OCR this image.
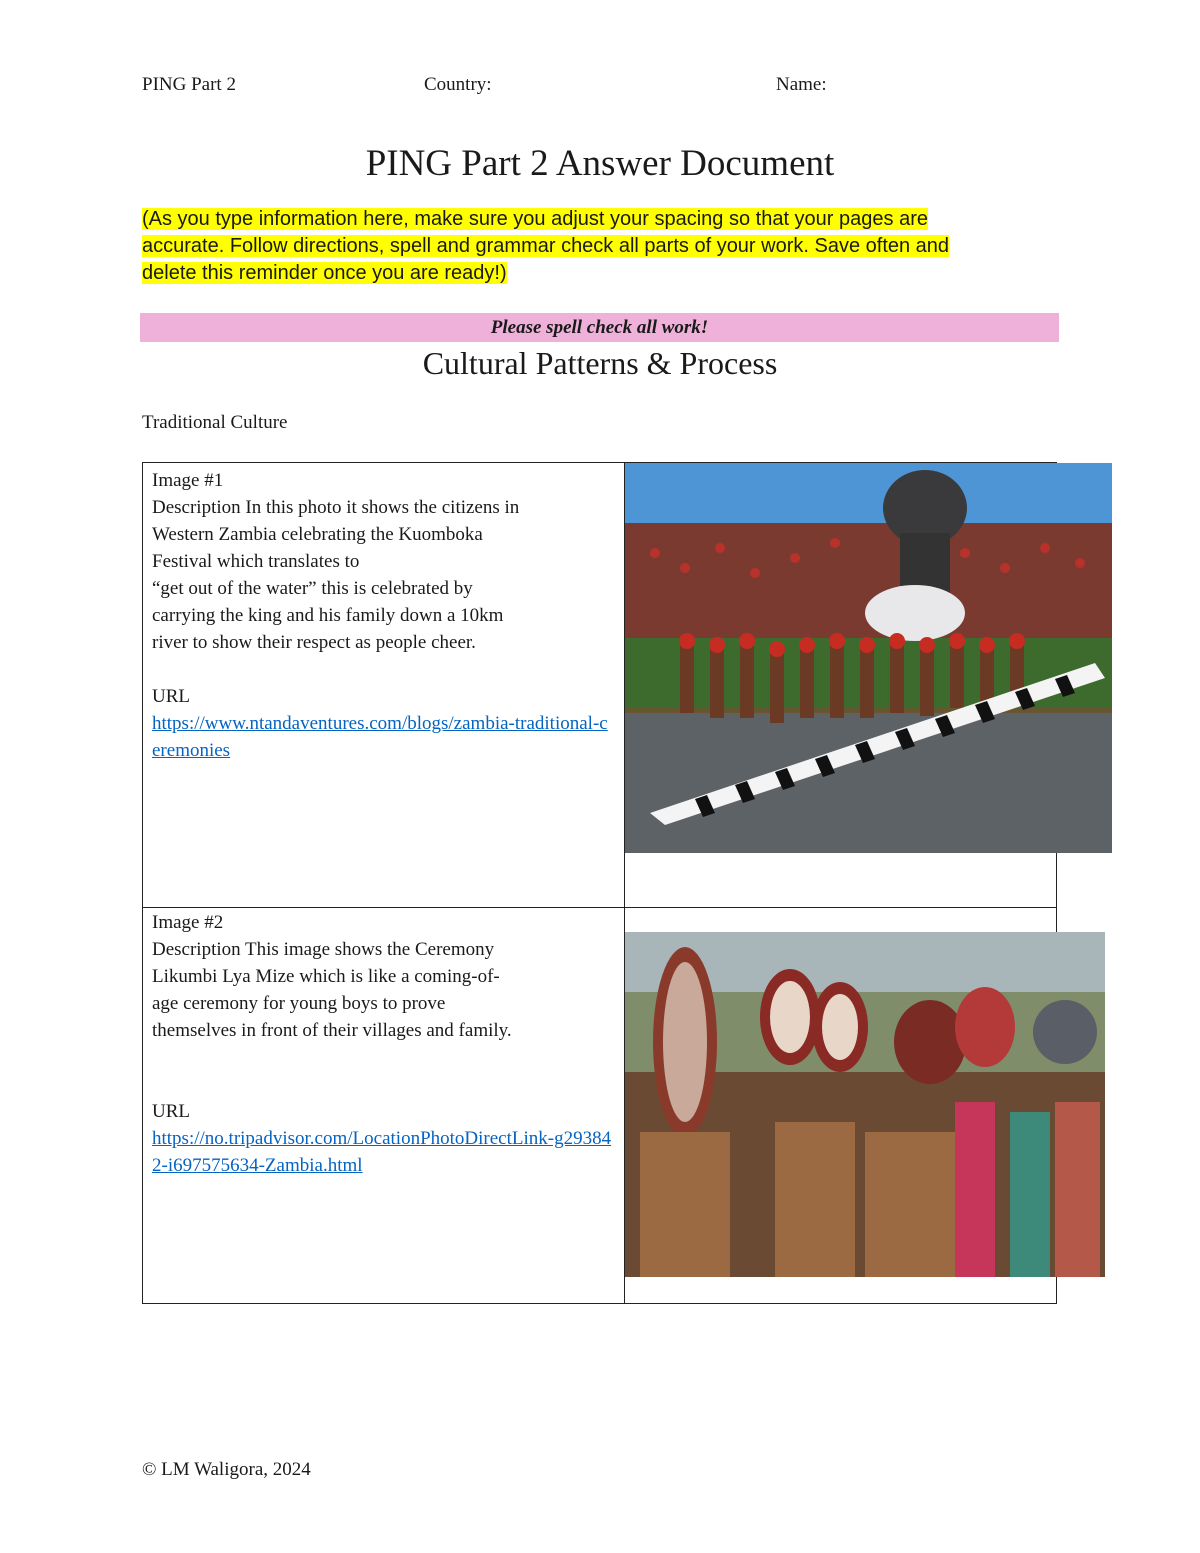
PING Part 2	Country:	Name:
PING Part 2 Answer Document
(As you type information here, make sure you adjust your spacing so that your pages are
accurate. Follow directions, spell and grammar check all parts of your work. Save often and
delete this reminder once you are ready!)
Please spell check all work!
Cultural Patterns & Process
Traditional Culture
Image #1
Description In this photo it shows the citizens in
Western Zambia celebrating the Kuomboka
Festival which translates to
“get out of the water” this is celebrated by
carrying the king and his family down a 10km
river to show their respect as people cheer.
URL
https://www.ntandaventures.com/blogs/zambia-traditional-ceremonies
Image #2
Description This image shows the Ceremony
Likumbi Lya Mize which is like a coming-of-
age ceremony for young boys to prove
themselves in front of their villages and family.
URL
https://no.tripadvisor.com/LocationPhotoDirectLink-g293842-i697575634-Zambia.html
© LM Waligora, 2024
